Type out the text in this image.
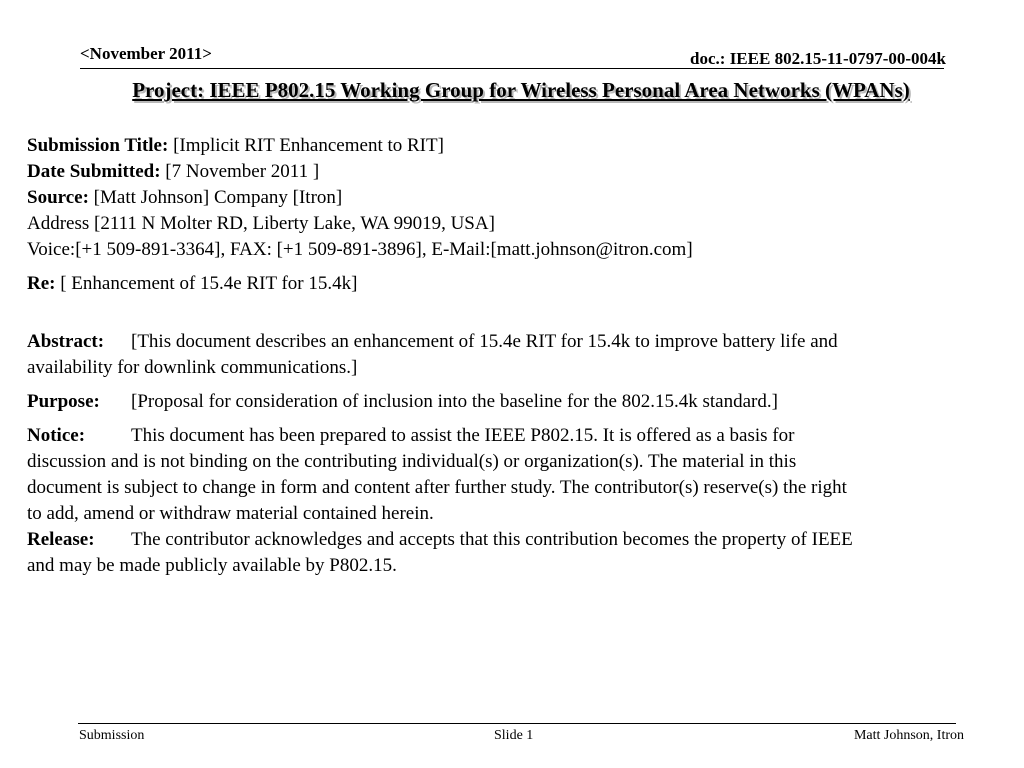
<November 2011>	doc.: IEEE 802.15-11-0797-00-004k
Project: IEEE P802.15 Working Group for Wireless Personal Area Networks (WPANs)
Submission Title: [Implicit RIT Enhancement to RIT]
Date Submitted: [7 November 2011 ]
Source: [Matt Johnson] Company [Itron]
Address [2111 N Molter RD, Liberty Lake, WA 99019, USA]
Voice:[+1 509-891-3364], FAX: [+1 509-891-3896], E-Mail:[matt.johnson@itron.com]
Re: [ Enhancement of 15.4e RIT for 15.4k]
Abstract: [This document describes an enhancement of 15.4e RIT for 15.4k to improve battery life and
availability for downlink communications.]
Purpose: [Proposal for consideration of inclusion into the baseline for the 802.15.4k standard.]
Notice: This document has been prepared to assist the IEEE P802.15. It is offered as a basis for
discussion and is not binding on the contributing individual(s) or organization(s). The material in this
document is subject to change in form and content after further study. The contributor(s) reserve(s) the right
to add, amend or withdraw material contained herein.
Release: The contributor acknowledges and accepts that this contribution becomes the property of IEEE
and may be made publicly available by P802.15.
Submission	Slide 1	Matt Johnson, Itron
